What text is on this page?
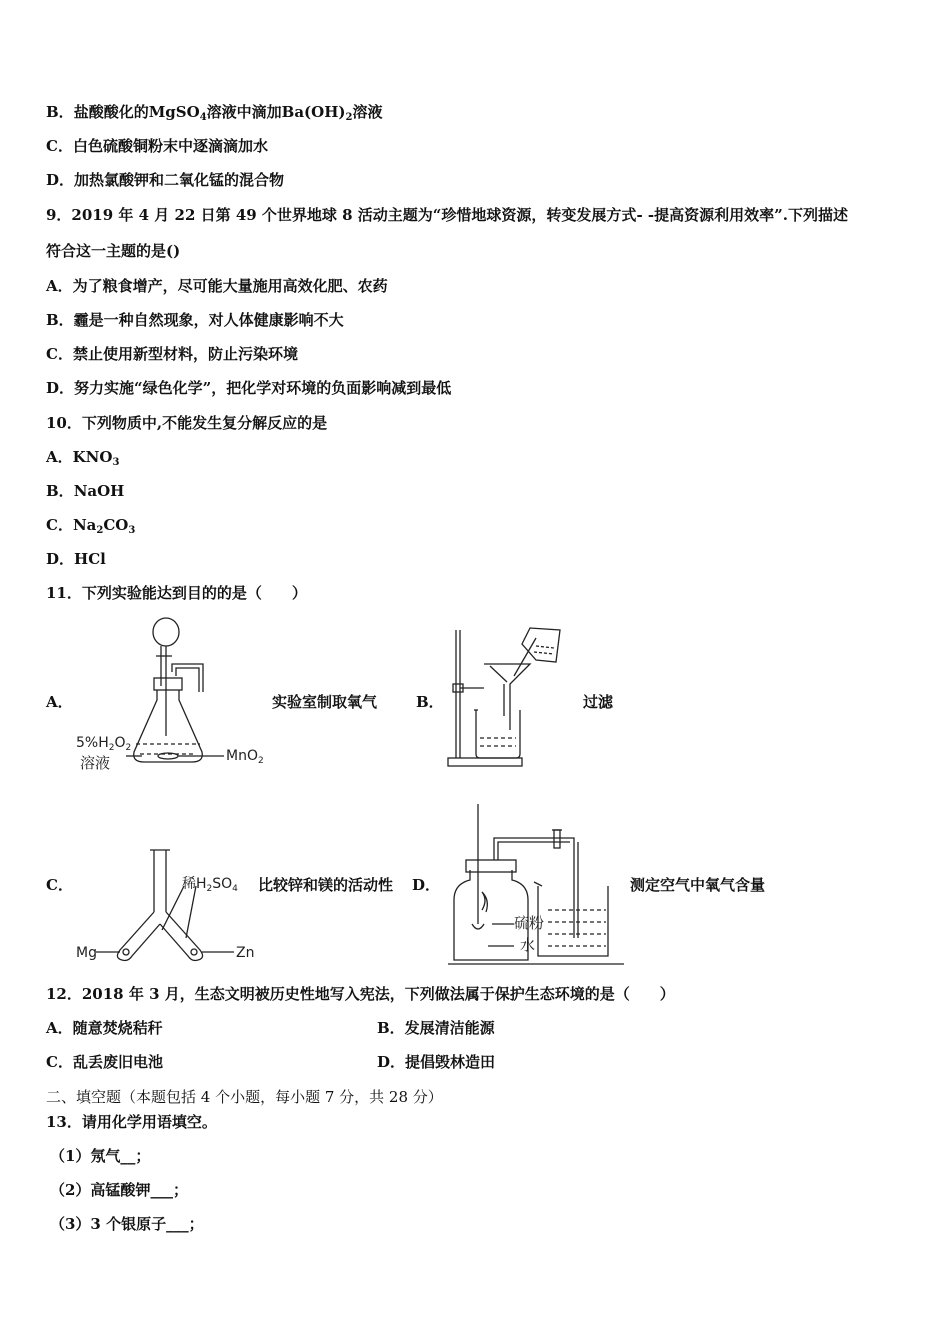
B．盐酸酸化的MgSO$_4$溶液中滴加$Ba(OH)_2$溶液
C．白色硫酸铜粉末中逐滴滴加水
D．加热氯酸钾和二氧化锰的混合物
9．2019 年 4 月 22 日第 49 个世界地球 8 活动主题为“珍惜地球资源，转变发展方式- -提高资源利用效率”.下列描述
符合这一主题的是()
A．为了粮食增产，尽可能大量施用高效化肥、农药
B．霾是一种自然现象，对人体健康影响不大
C．禁止使用新型材料，防止污染环境
D．努力实施“绿色化学”，把化学对环境的负面影响减到最低
10．下列物质中,不能发生复分解反应的是
A．$KNO_3$
B．NaOH
C．$Na_2CO_3$
D．HCl
11．下列实验能达到目的的是（　　）
A．
$5\%H_2O_2$
溶液	MnO$_2$
实验室制取氧气	B．	过滤
C．	稀$H_2SO_4$
Mg	Zn
比较锌和镁的活动性 D．
硫粉
水
测定空气中氧气含量
12．2018 年 3 月，生态文明被历史性地写入宪法，下列做法属于保护生态环境的是（　　）
A．随意焚烧秸秆	B．发展清洁能源
C．乱丢废旧电池	D．提倡毁林造田
二、填空题（本题包括 4 个小题，每小题 7 分，共 28 分）
13．请用化学用语填空。
（1）氖气__；
（2）高锰酸钾___；
（3）3 个银原子___；
